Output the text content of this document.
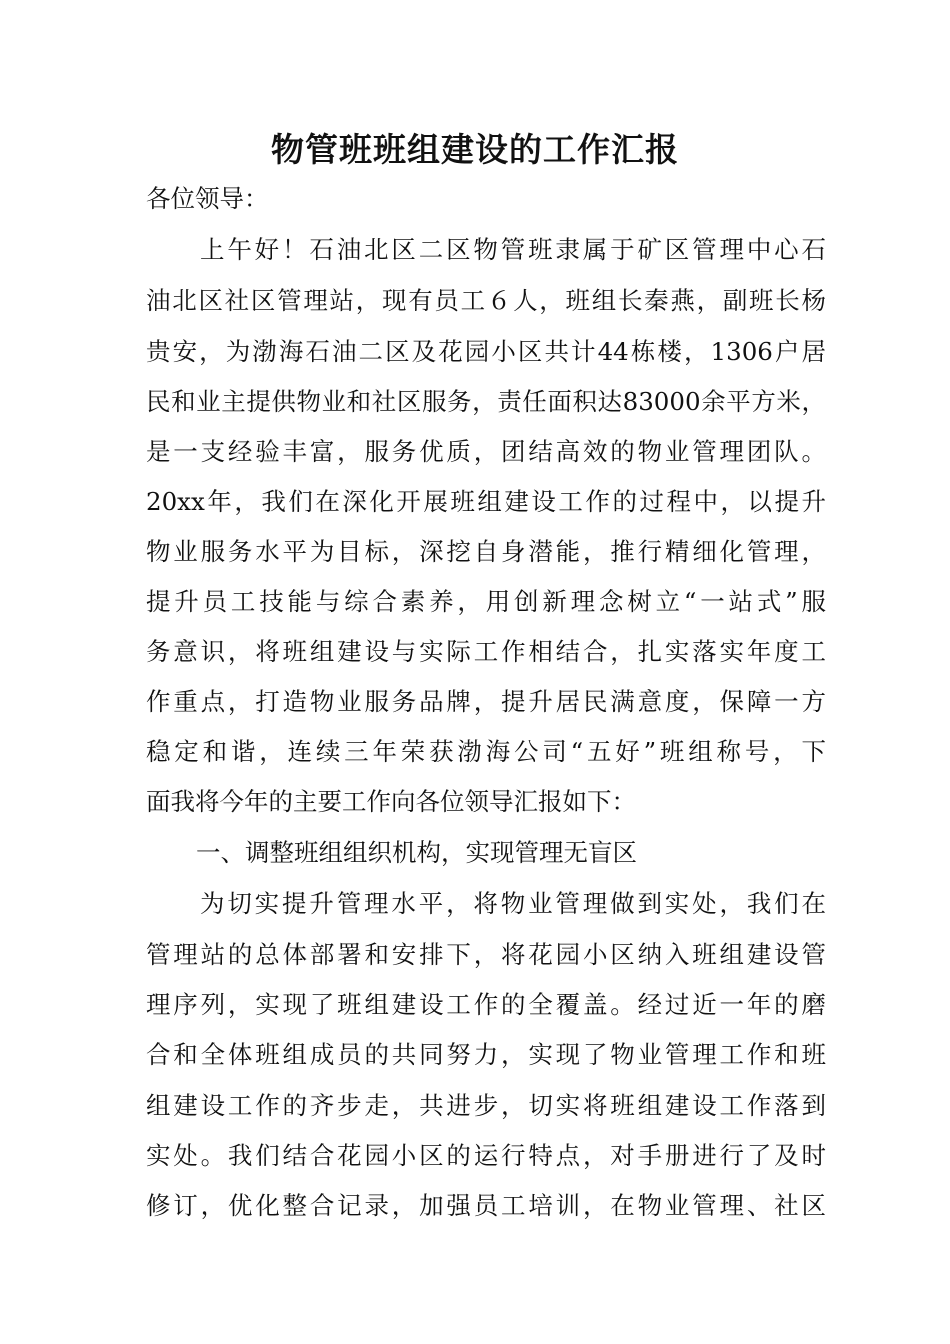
物管班班组建设的工作汇报

各位领导：

上午好！石油北区二区物管班隶属于矿区管理中心石

油北区社区管理站，现有员工６人，班组长秦燕，副班长杨

贵安，为渤海石油二区及花园小区共计44栋楼，1306户居

民和业主提供物业和社区服务，责任面积达83000余平方米，

是一支经验丰富，服务优质，团结高效的物业管理团队。

20xx年，我们在深化开展班组建设工作的过程中，以提升

物业服务水平为目标，深挖自身潜能，推行精细化管理，

提升员工技能与综合素养，用创新理念树立“一站式”服

务意识，将班组建设与实际工作相结合，扎实落实年度工

作重点，打造物业服务品牌，提升居民满意度，保障一方

稳定和谐，连续三年荣获渤海公司“五好”班组称号，下

面我将今年的主要工作向各位领导汇报如下：

一、调整班组组织机构，实现管理无盲区

为切实提升管理水平，将物业管理做到实处，我们在

管理站的总体部署和安排下，将花园小区纳入班组建设管

理序列，实现了班组建设工作的全覆盖。经过近一年的磨

合和全体班组成员的共同努力，实现了物业管理工作和班

组建设工作的齐步走，共进步，切实将班组建设工作落到

实处。我们结合花园小区的运行特点，对手册进行了及时

修订，优化整合记录，加强员工培训，在物业管理、社区
